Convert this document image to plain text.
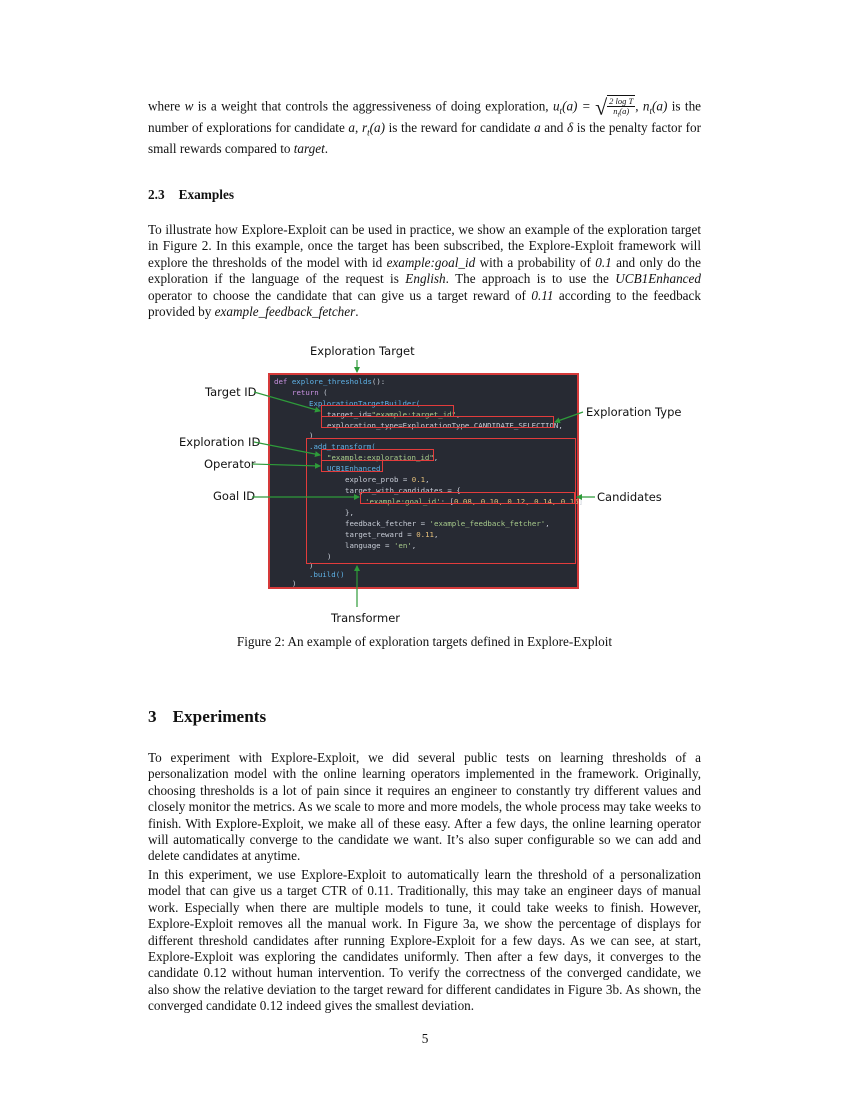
where w is a weight that controls the aggressiveness of doing exploration, $u_t(a)$ = √ $\frac{\text{2 log T}}{n_t(a)}$ , $n_t(a)$ is the number of explorations for candidate a, $r_t(a)$ is the reward for candidate a and δ is the penalty factor for small rewards compared to target.

2.3 Examples

To illustrate how Explore-Exploit can be used in practice, we show an example of the exploration target in Figure 2. In this example, once the target has been subscribed, the Explore-Exploit framework will explore the thresholds of the model with id example:goal_id with a probability of 0.1 and only do the exploration if the language of the request is English. The approach is to use the UCB1Enhanced operator to choose the candidate that can give us a target reward of 0.11 according to the feedback provided by example_feedback_fetcher.

Exploration Target
Target ID
Exploration Type
Exploration ID
Operator
Goal ID	Candidates
Transformer
def explore_thresholds():
return (
ExplorationTargetBuilder(
target_id="example:target_id",
exploration_type=ExplorationType.CANDIDATE_SELECTION,
)
.add_transform(
"example:exploration_id",
UCB1Enhanced
explore_prob = 0.1,
target_with_candidates = {
'example:goal_id': [0.08, 0.10, 0.12, 0.14, 0.16]
},
feedback_fetcher = 'example_feedback_fetcher',
target_reward = 0.11,
language = 'en',
)
)
.build()
)

Figure 2: An example of exploration targets defined in Explore-Exploit

3 Experiments

To experiment with Explore-Exploit, we did several public tests on learning thresholds of a personalization model with the online learning operators implemented in the framework. Originally, choosing thresholds is a lot of pain since it requires an engineer to constantly try different values and closely monitor the metrics. As we scale to more and more models, the whole process may take weeks to finish. With Explore-Exploit, we make all of these easy. After a few days, the online learning operator will automatically converge to the candidate we want. It’s also super configurable so we can add and delete candidates at anytime.

In this experiment, we use Explore-Exploit to automatically learn the threshold of a personalization model that can give us a target CTR of 0.11. Traditionally, this may take an engineer days of manual work. Especially when there are multiple models to tune, it could take weeks to finish. However, Explore-Exploit removes all the manual work. In Figure 3a, we show the percentage of displays for different threshold candidates after running Explore-Exploit for a few days. As we can see, at start, Explore-Exploit was exploring the candidates uniformly. Then after a few days, it converges to the candidate 0.12 without human intervention. To verify the correctness of the converged candidate, we also show the relative deviation to the target reward for different candidates in Figure 3b. As shown, the converged candidate 0.12 indeed gives the smallest deviation.

5
